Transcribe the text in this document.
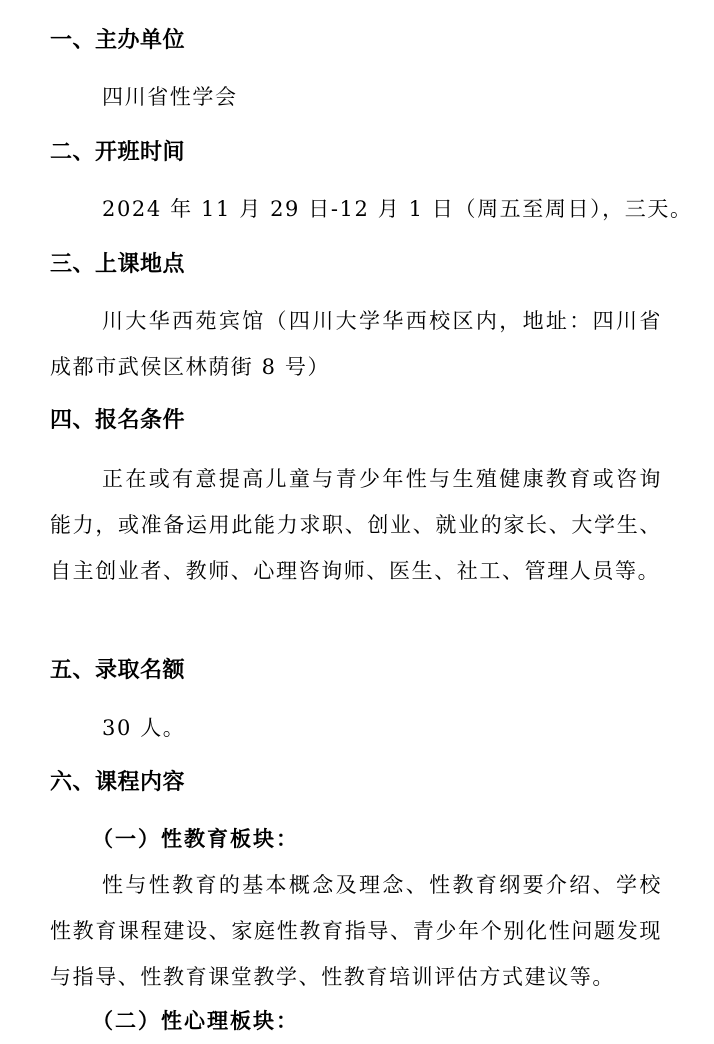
一、主办单位
四川省性学会
二、开班时间
2024 年 11 月 29 日-12 月 1 日（周五至周日），三天。
三、上课地点
川大华西苑宾馆（四川大学华西校区内，地址：四川省成都市武侯区林荫街 8 号）
四、报名条件
正在或有意提高儿童与青少年性与生殖健康教育或咨询能力，或准备运用此能力求职、创业、就业的家长、大学生、自主创业者、教师、心理咨询师、医生、社工、管理人员等。
五、录取名额
30 人。
六、课程内容
（一）性教育板块：
性与性教育的基本概念及理念、性教育纲要介绍、学校性教育课程建设、家庭性教育指导、青少年个别化性问题发现与指导、性教育课堂教学、性教育培训评估方式建议等。
（二）性心理板块：
